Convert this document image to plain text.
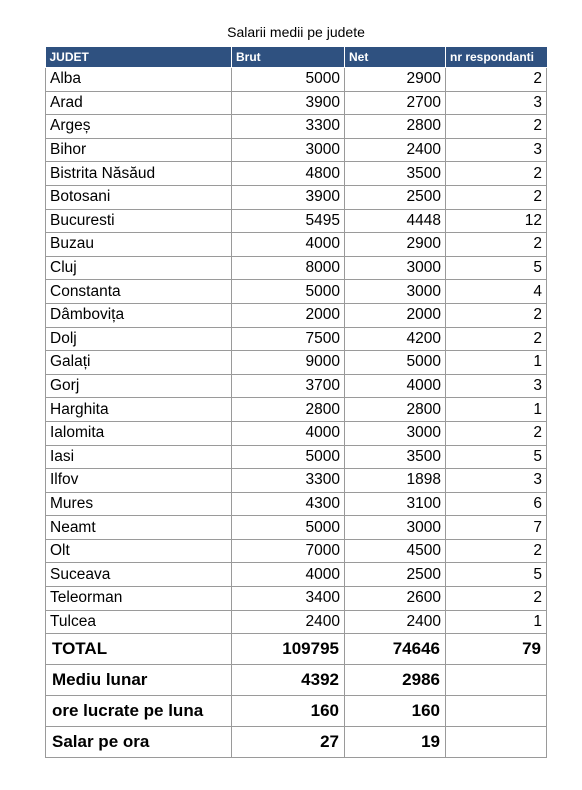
Salarii medii pe judete
JUDET	Brut	Net	nr respondanti
Alba	5000	2900	2
Arad	3900	2700	3
Argeș	3300	2800	2
Bihor	3000	2400	3
Bistrita Năsăud	4800	3500	2
Botosani	3900	2500	2
Bucuresti	5495	4448	12
Buzau	4000	2900	2
Cluj	8000	3000	5
Constanta	5000	3000	4
Dâmbovița	2000	2000	2
Dolj	7500	4200	2
Galați	9000	5000	1
Gorj	3700	4000	3
Harghita	2800	2800	1
Ialomita	4000	3000	2
Iasi	5000	3500	5
Ilfov	3300	1898	3
Mures	4300	3100	6
Neamt	5000	3000	7
Olt	7000	4500	2
Suceava	4000	2500	5
Teleorman	3400	2600	2
Tulcea	2400	2400	1
TOTAL	109795	74646	79
Mediu lunar	4392	2986	
ore lucrate pe luna	160	160	
Salar pe ora	27	19	
